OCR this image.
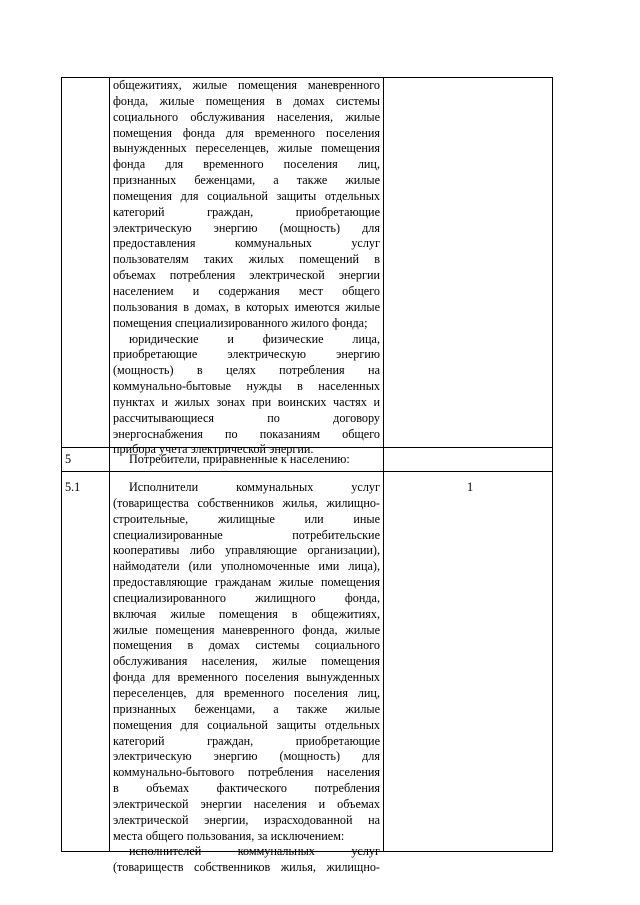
общежитиях, жилые помещения маневренного
фонда, жилые помещения в домах системы
социального обслуживания населения, жилые
помещения фонда для временного поселения
вынужденных переселенцев, жилые помещения
фонда для временного поселения лиц,
признанных беженцами, а также жилые
помещения для социальной защиты отдельных
категорий граждан, приобретающие
электрическую энергию (мощность) для
предоставления коммунальных услуг
пользователям таких жилых помещений в
объемах потребления электрической энергии
населением и содержания мест общего
пользования в домах, в которых имеются жилые
помещения специализированного жилого фонда;
юридические и физические лица,
приобретающие электрическую энергию
(мощность) в целях потребления на
коммунально-бытовые нужды в населенных
пунктах и жилых зонах при воинских частях и
рассчитывающиеся по договору
энергоснабжения по показаниям общего
прибора учета электрической энергии.
5	Потребители, приравненные к населению:
5.1	Исполнители коммунальных услуг
(товарищества собственников жилья, жилищно-
строительные, жилищные или иные
специализированные потребительские
кооперативы либо управляющие организации),
наймодатели (или уполномоченные ими лица),
предоставляющие гражданам жилые помещения
специализированного жилищного фонда,
включая жилые помещения в общежитиях,
жилые помещения маневренного фонда, жилые
помещения в домах системы социального
обслуживания населения, жилые помещения
фонда для временного поселения вынужденных
переселенцев, для временного поселения лиц,
признанных беженцами, а также жилые
помещения для социальной защиты отдельных
категорий граждан, приобретающие
электрическую энергию (мощность) для
коммунально-бытового потребления населения
в объемах фактического потребления
электрической энергии населения и объемах
электрической энергии, израсходованной на
места общего пользования, за исключением:
исполнителей коммунальных услуг
(товариществ собственников жилья, жилищно-
1
